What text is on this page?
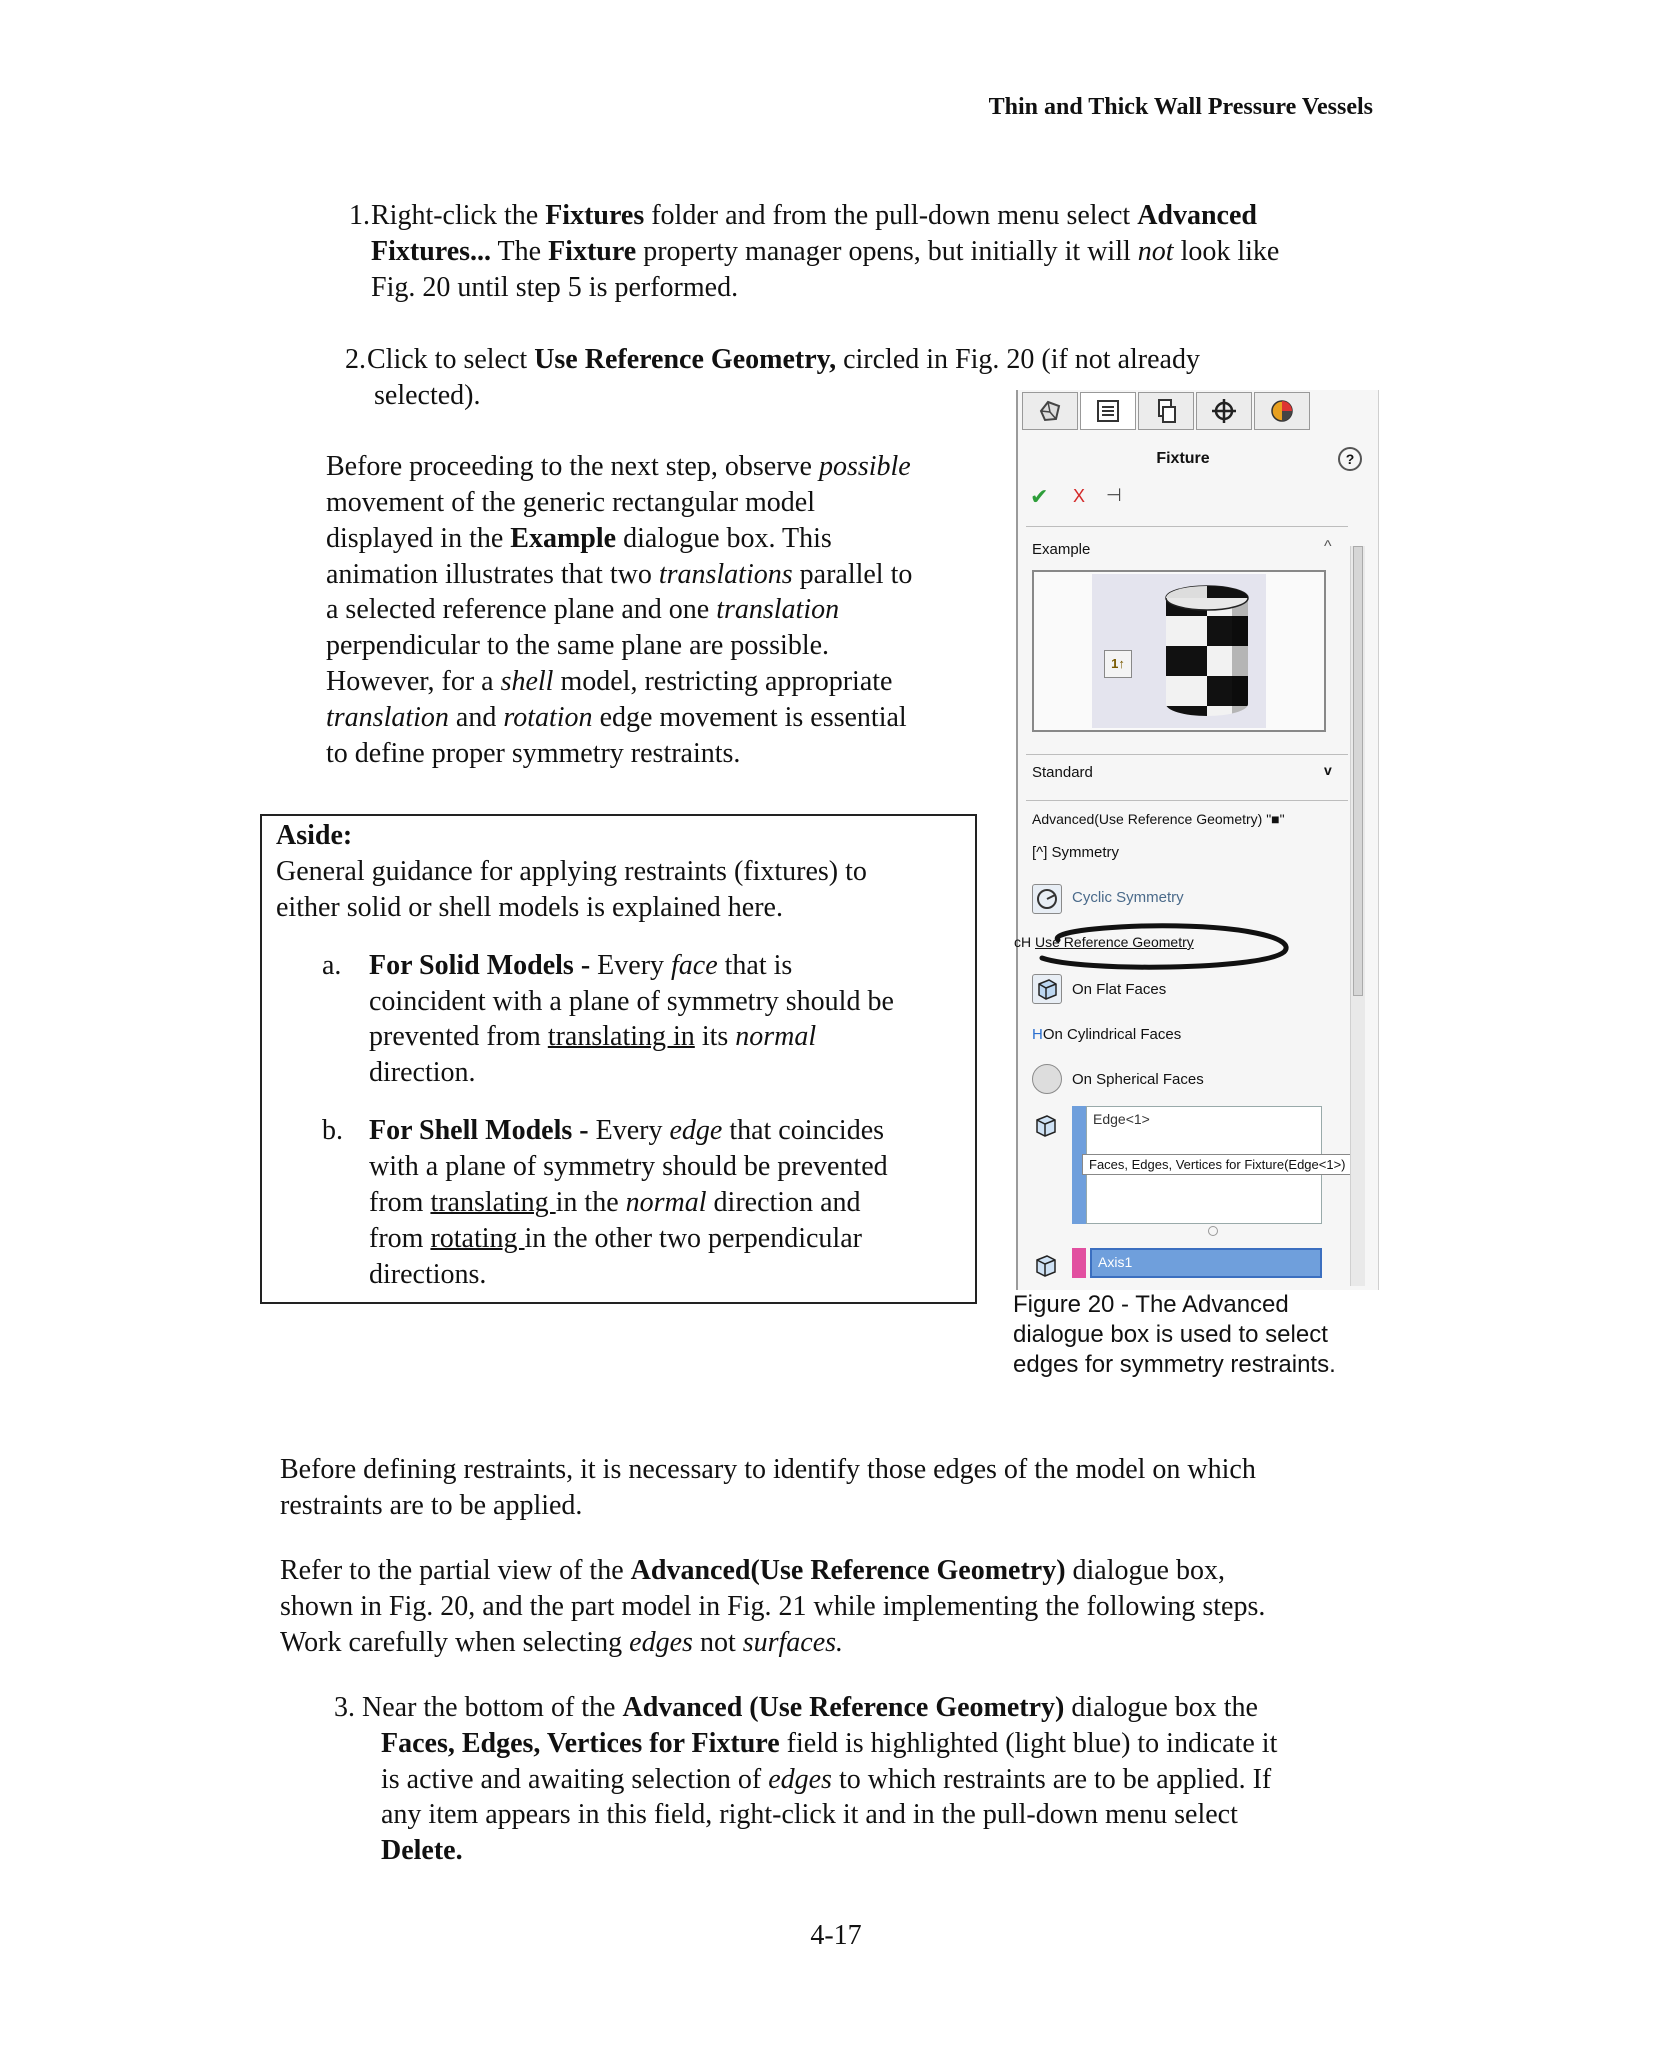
Thin and Thick Wall Pressure Vessels
1. Right-click the Fixtures folder and from the pull-down menu select Advanced
Fixtures... The Fixture property manager opens, but initially it will not look like
Fig. 20 until step 5 is performed.
2. Click to select Use Reference Geometry, circled in Fig. 20 (if not already
selected).
Before proceeding to the next step, observe possible
movement of the generic rectangular model
displayed in the Example dialogue box. This
animation illustrates that two translations parallel to
a selected reference plane and one translation
perpendicular to the same plane are possible.
However, for a shell model, restricting appropriate
translation and rotation edge movement is essential
to define proper symmetry restraints.
Aside:
General guidance for applying restraints (fixtures) to
either solid or shell models is explained here.
a. For Solid Models - Every face that is
coincident with a plane of symmetry should be
prevented from translating in its normal
direction.
b. For Shell Models - Every edge that coincides
with a plane of symmetry should be prevented
from translating in the normal direction and
from rotating in the other two perpendicular
directions.
Fixture	?
✔ X ⊣
Example	^
1↑
Standard	v
Advanced(Use Reference Geometry) "■"
[^] Symmetry
Cyclic Symmetry
cH Use Reference Geometry
On Flat Faces
HOn Cylindrical Faces
On Spherical Faces
Edge<1>
Faces, Edges, Vertices for Fixture(Edge<1>)
Axis1
Figure 20 - The Advanced
dialogue box is used to select
edges for symmetry restraints.
Before defining restraints, it is necessary to identify those edges of the model on which
restraints are to be applied.
Refer to the partial view of the Advanced(Use Reference Geometry) dialogue box,
shown in Fig. 20, and the part model in Fig. 21 while implementing the following steps.
Work carefully when selecting edges not surfaces.
3. Near the bottom of the Advanced (Use Reference Geometry) dialogue box the
Faces, Edges, Vertices for Fixture field is highlighted (light blue) to indicate it
is active and awaiting selection of edges to which restraints are to be applied. If
any item appears in this field, right-click it and in the pull-down menu select
Delete.
4-17
